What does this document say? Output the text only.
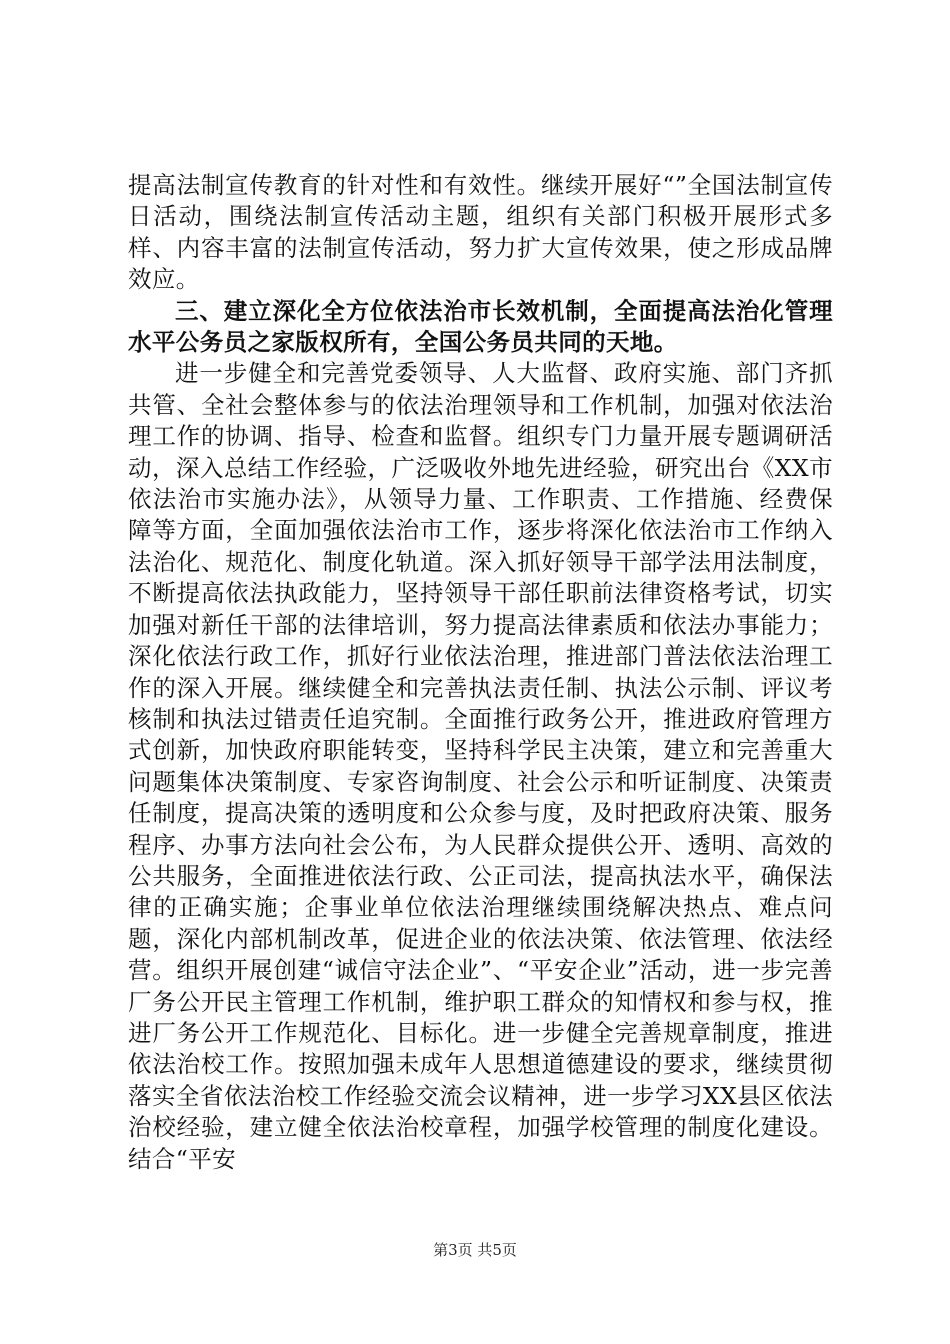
提高法制宣传教育的针对性和有效性。继续开展好“”全国法制宣传日活动，围绕法制宣传活动主题，组织有关部门积极开展形式多样、内容丰富的法制宣传活动，努力扩大宣传效果，使之形成品牌效应。

三、建立深化全方位依法治市长效机制，全面提高法治化管理水平公务员之家版权所有，全国公务员共同的天地。

进一步健全和完善党委领导、人大监督、政府实施、部门齐抓共管、全社会整体参与的依法治理领导和工作机制，加强对依法治理工作的协调、指导、检查和监督。组织专门力量开展专题调研活动，深入总结工作经验，广泛吸收外地先进经验，研究出台《XX市依法治市实施办法》，从领导力量、工作职责、工作措施、经费保障等方面，全面加强依法治市工作，逐步将深化依法治市工作纳入法治化、规范化、制度化轨道。深入抓好领导干部学法用法制度，不断提高依法执政能力，坚持领导干部任职前法律资格考试，切实加强对新任干部的法律培训，努力提高法律素质和依法办事能力；深化依法行政工作，抓好行业依法治理，推进部门普法依法治理工作的深入开展。继续健全和完善执法责任制、执法公示制、评议考核制和执法过错责任追究制。全面推行政务公开，推进政府管理方式创新，加快政府职能转变，坚持科学民主决策，建立和完善重大问题集体决策制度、专家咨询制度、社会公示和听证制度、决策责任制度，提高决策的透明度和公众参与度，及时把政府决策、服务程序、办事方法向社会公布，为人民群众提供公开、透明、高效的公共服务，全面推进依法行政、公正司法，提高执法水平，确保法律的正确实施；企事业单位依法治理继续围绕解决热点、难点问题，深化内部机制改革，促进企业的依法决策、依法管理、依法经营。组织开展创建“诚信守法企业”、“平安企业”活动，进一步完善厂务公开民主管理工作机制，维护职工群众的知情权和参与权，推进厂务公开工作规范化、目标化。进一步健全完善规章制度，推进依法治校工作。按照加强未成年人思想道德建设的要求，继续贯彻落实全省依法治校工作经验交流会议精神，进一步学习XX县区依法治校经验，建立健全依法治校章程，加强学校管理的制度化建设。结合“平安

第3页 共5页
